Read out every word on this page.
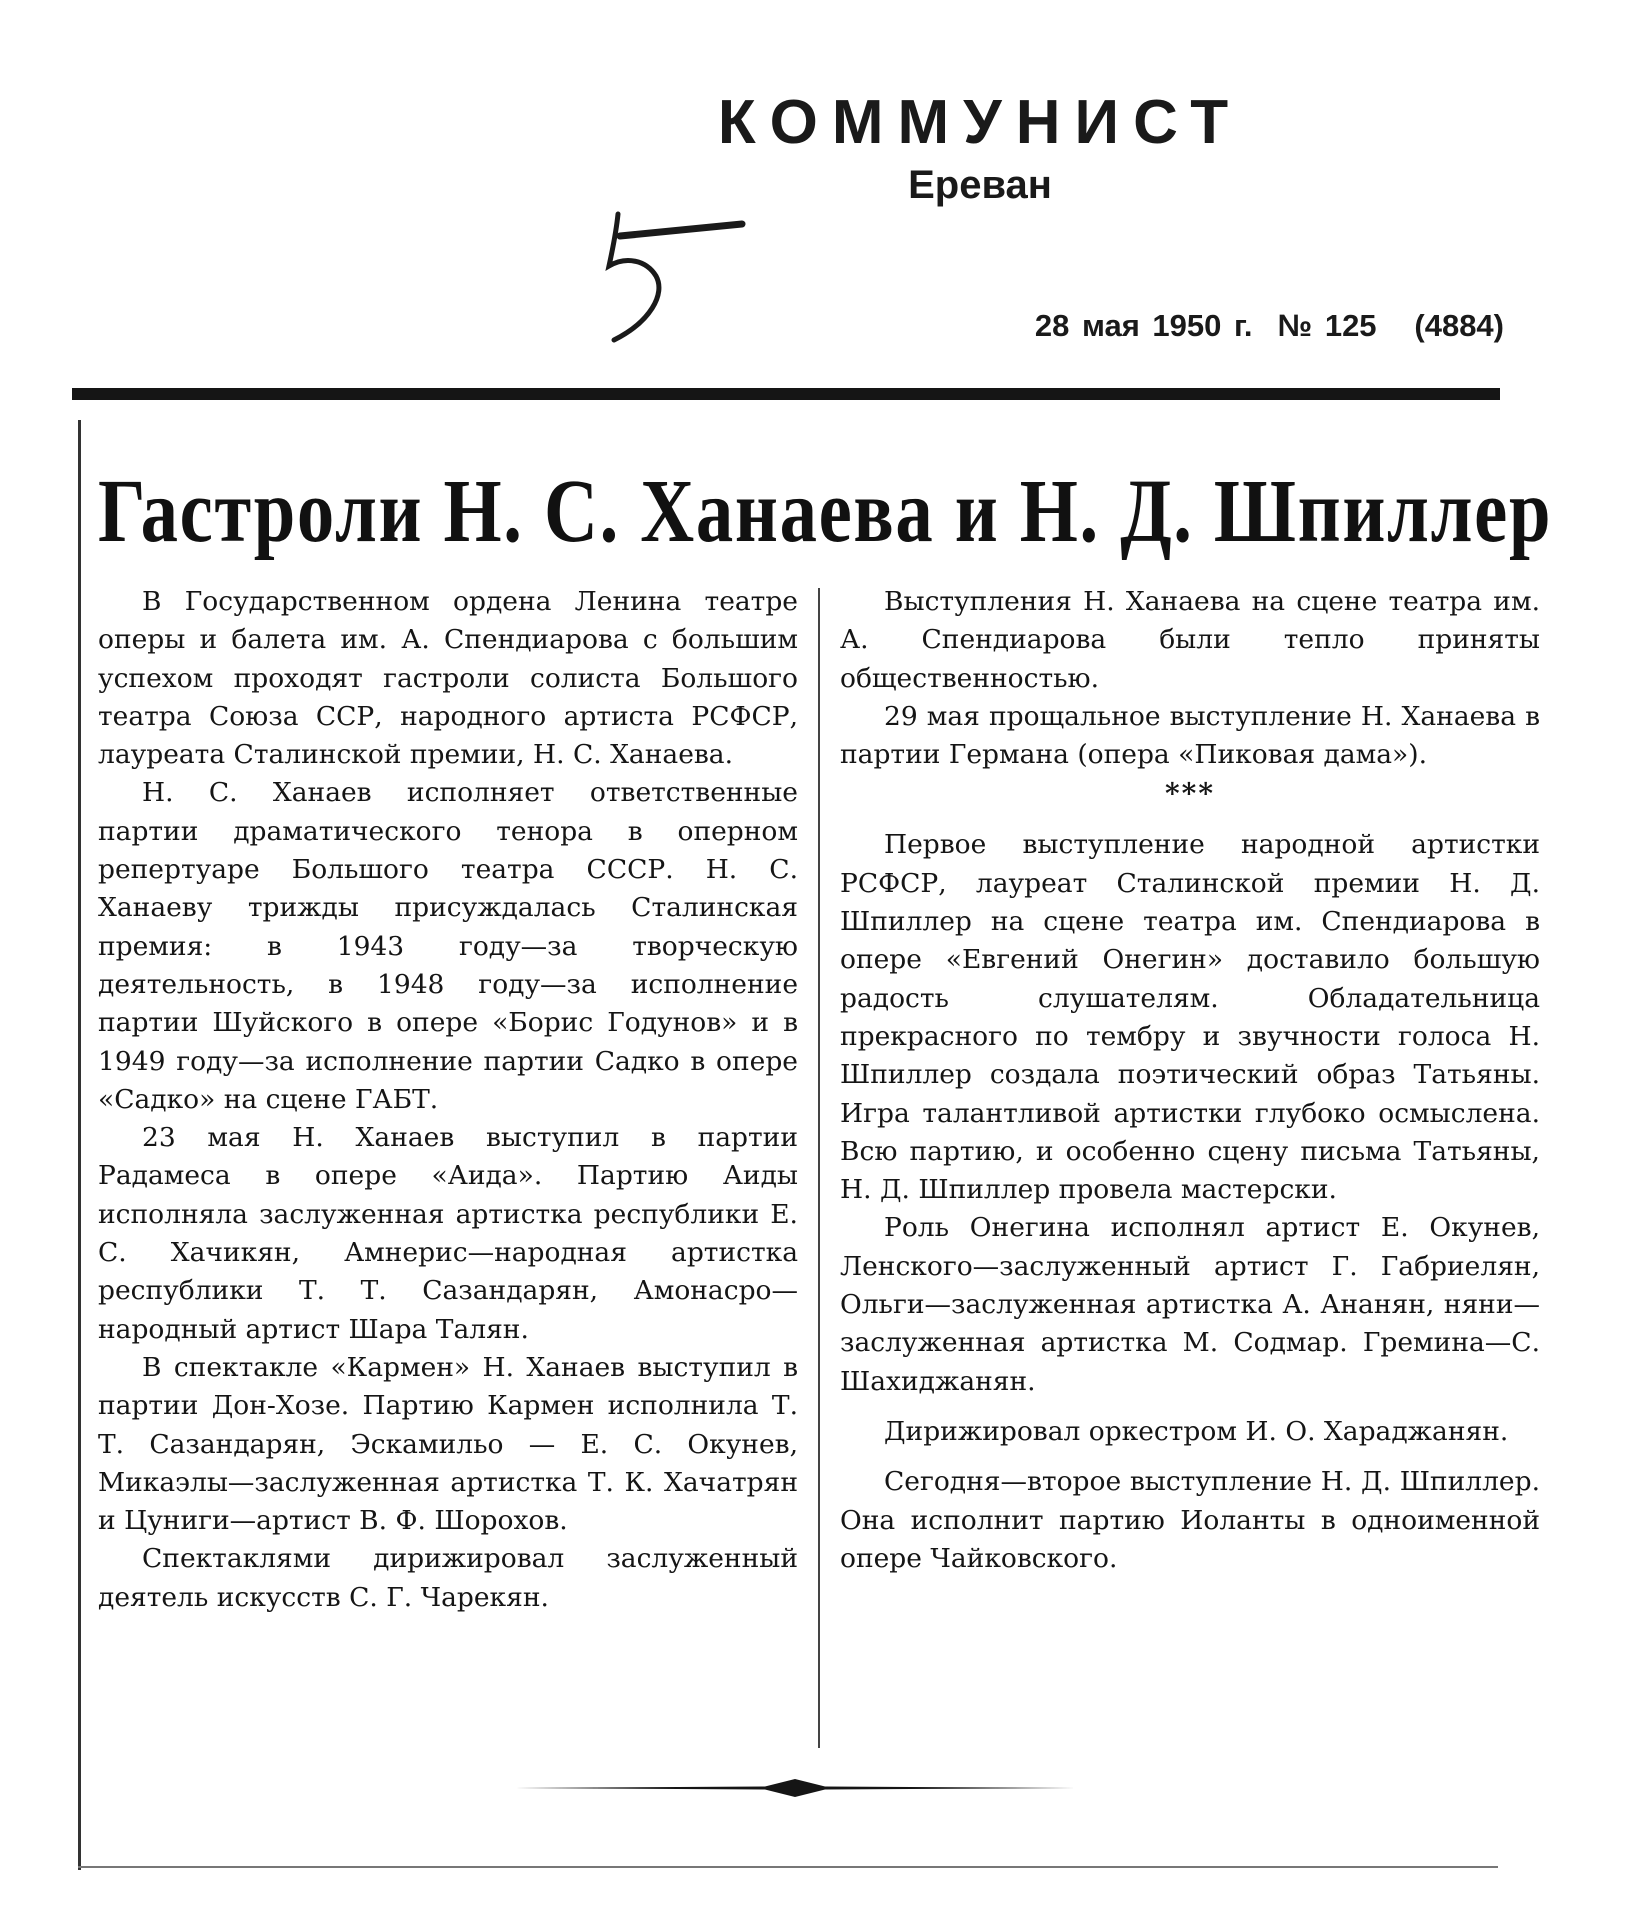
КОММУНИСТ
Ереван
28 мая 1950 г.  № 125   (4884)
Гастроли Н. С. Ханаева и Н. Д. Шпиллер

В Государственном ордена Ленина театре оперы и балета им. А. Спендиарова с большим успехом проходят гастроли солиста Большого театра Союза ССР, народного артиста РСФСР, лауреата Сталинской премии, Н. С. Ханаева.

Н. С. Ханаев исполняет ответственные партии драматического тенора в оперном репертуаре Большого театра СССР. Н. С. Ханаеву трижды присуждалась Сталинская премия: в 1943 году—за творческую деятельность, в 1948 году—за исполнение партии Шуйского в опере «Борис Годунов» и в 1949 году—за исполнение партии Садко в опере «Садко» на сцене ГАБТ.

23 мая Н. Ханаев выступил в партии Радамеса в опере «Аида». Партию Аиды исполняла заслуженная артистка республики Е. С. Хачикян, Амнерис—народная артистка республики Т. Т. Сазандарян, Амонасро—народный артист Шара Талян.

В спектакле «Кармен» Н. Ханаев выступил в партии Дон-Хозе. Партию Кармен исполнила Т. Т. Сазандарян, Эскамильо — Е. С. Окунев, Микаэлы—заслуженная артистка Т. К. Хачатрян и Цуниги—артист В. Ф. Шорохов.

Спектаклями дирижировал заслуженный деятель искусств С. Г. Чарекян.

Выступления Н. Ханаева на сцене театра им. А. Спендиарова были тепло приняты общественностью.

29 мая прощальное выступление Н. Ханаева в партии Германа (опера «Пиковая дама»).

***

Первое выступление народной артистки РСФСР, лауреат Сталинской премии Н. Д. Шпиллер на сцене театра им. Спендиарова в опере «Евгений Онегин» доставило большую радость слушателям. Обладательница прекрасного по тембру и звучности голоса Н. Шпиллер создала поэтический образ Татьяны. Игра талантливой артистки глубоко осмыслена. Всю партию, и особенно сцену письма Татьяны, Н. Д. Шпиллер провела мастерски.

Роль Онегина исполнял артист Е. Окунев, Ленского—заслуженный артист Г. Габриелян, Ольги—заслуженная артистка А. Ананян, няни—заслуженная артистка М. Содмар. Гремина—С. Шахиджанян.

Дирижировал оркестром И. О. Хараджанян.

Сегодня—второе выступление Н. Д. Шпиллер. Она исполнит партию Иоланты в одноименной опере Чайковского.
